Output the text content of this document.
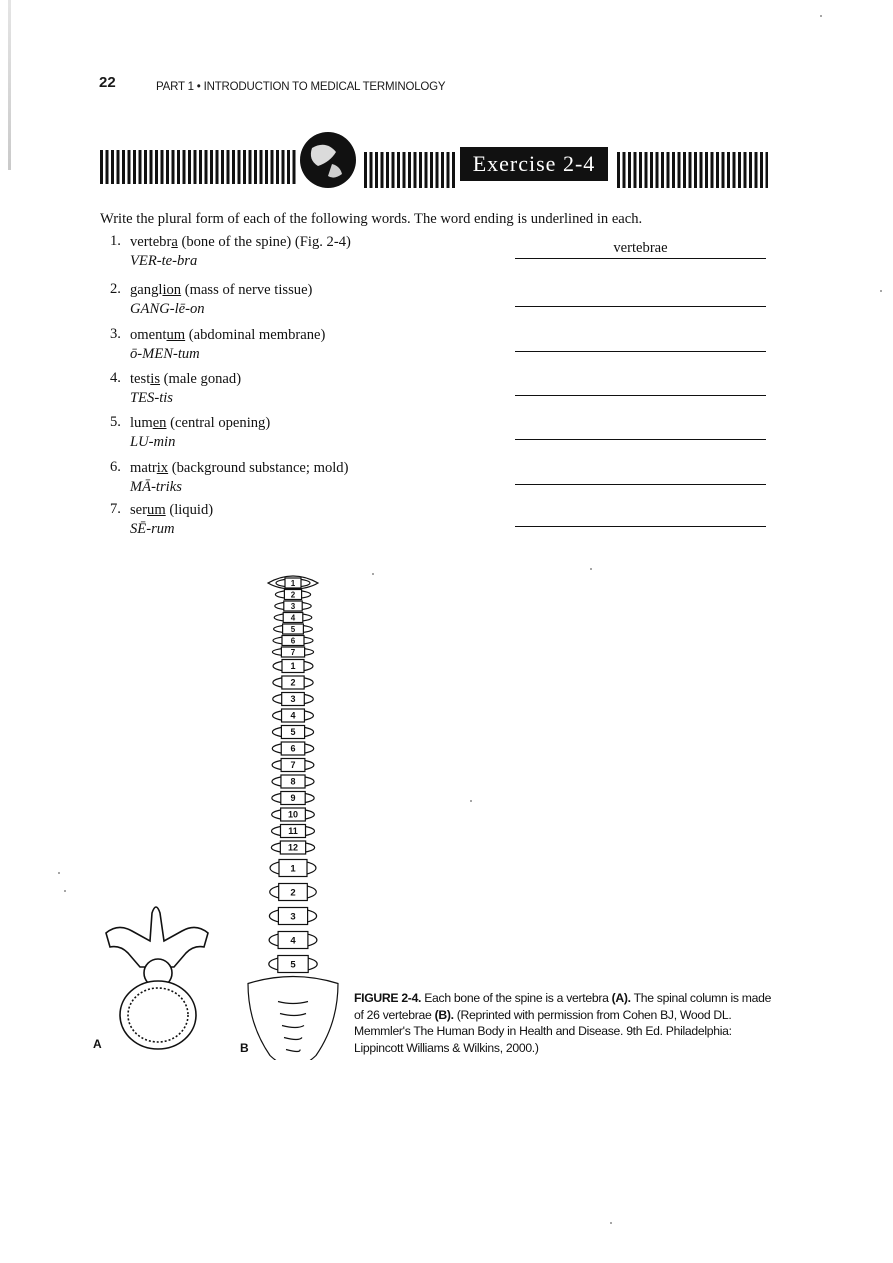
22	PART 1 • INTRODUCTION TO MEDICAL TERMINOLOGY
Exercise 2-4
Write the plural form of each of the following words. The word ending is underlined in each.
1. vertebra (bone of the spine) (Fig. 2-4)
VER-te-bra
vertebrae
2. ganglion (mass of nerve tissue)
GANG-lē-on
3. omentum (abdominal membrane)
ō-MEN-tum
4. testis (male gonad)
TES-tis
5. lumen (central opening)
LU-min
6. matrix (background substance; mold)
MĀ-triks
7. serum (liquid)
SĒ-rum
A
1
2
3
4
5
6
7
1
2
3
4
5
6
7
8
9
10
11
12
1
2
3
4
5
B
FIGURE 2-4. Each bone of the spine is a vertebra (A). The spinal column is made of 26 vertebrae (B). (Reprinted with permission from Cohen BJ, Wood DL. Memmler's The Human Body in Health and Disease. 9th Ed. Philadelphia: Lippincott Williams & Wilkins, 2000.)
